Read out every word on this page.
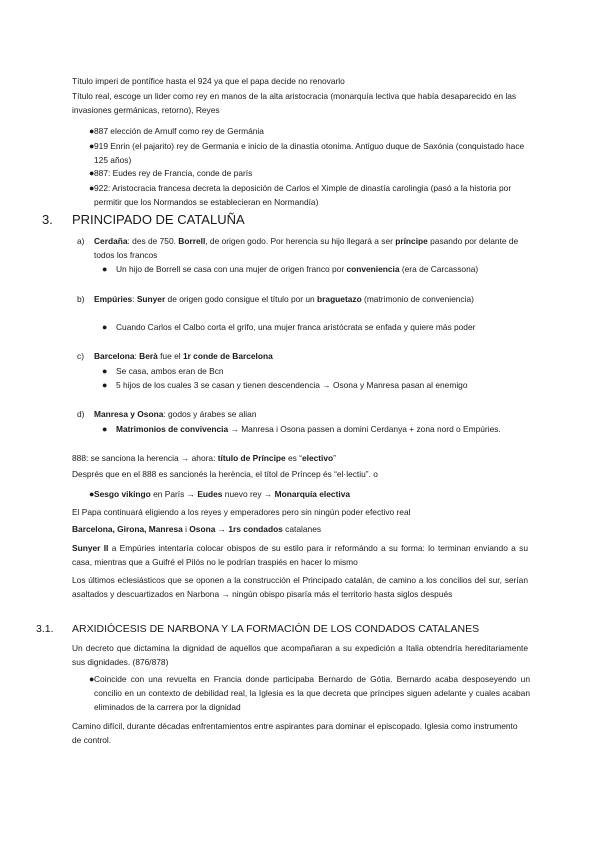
Título imperi de pontífice hasta el 924 ya que el papa decide no renovarlo

Título real, escoge un lider como rey en manos de la alta aristocracia (monarquía lectiva que había desaparecido en las invasiones germánicas, retorno), Reyes

● 887 elección de Arnulf como rey de Germánia
● 919 Enrin (el pajarito) rey de Germania e inicio de la dinastia otonima. Antiguo duque de Saxónia (conquistado hace 125 años)
● 887: Eudes rey de Francia, conde de parís
● 922: Aristocracia francesa decreta la deposición de Carlos el Ximple de dinastía carolingia (pasó a la historia por permitir que los Normandos se establecieran en Normandía)
3. PRINCIPADO DE CATALUÑA
a) Cerdaña: des de 750. Borrell, de origen godo. Por herencia su hijo llegará a ser príncipe pasando por delante de todos los francos
● Un hijo de Borrell se casa con una mujer de origen franco por conveniencia (era de Carcassona)
b) Empúries: Sunyer de origen godo consigue el título por un braguetazo (matrimonio de conveniencia)
● Cuando Carlos el Calbo corta el grifo, una mujer franca aristócrata se enfada y quiere más poder
c) Barcelona: Berà fue el 1r conde de Barcelona
● Se casa, ambos eran de Bcn
● 5 hijos de los cuales 3 se casan y tienen descendencia → Osona y Manresa pasan al enemigo
d) Manresa y Osona: godos y árabes se alian
● Matrimonios de convivencia → Manresa i Osona passen a domini Cerdanya + zona nord o Empúries.

888: se sanciona la herencia → ahora: título de Príncipe es “electivo”

Després que en el 888 es sancionés la herència, el títol de Príncep és “el·lectiu”. o

● Sesgo vikingo en París → Eudes nuevo rey → Monarquía electiva

El Papa continuará eligiendo a los reyes y emperadores pero sin ningún poder efectivo real

Barcelona, Girona, Manresa i Osona → 1rs condados catalanes

Sunyer II a Empúries intentaría colocar obispos de su estilo para ir reformándo a su forma: lo terminan enviando a su casa, mientras que a Guifré el Pilós no le podrían traspiés en hacer lo mismo

Los últimos eclesiásticos que se oponen a la construcción el Principado catalán, de camino a los concilios del sur, serían asaltados y descuartizados en Narbona → ningún obispo pisaría más el territorio hasta siglos después

3.1. ARXIDIÓCESIS DE NARBONA Y LA FORMACIÓN DE LOS CONDADOS CATALANES

Un decreto que dictamina la dignidad de aquellos que acompañaran a su expedición a Italia obtendría hereditariamente sus dignidades. (876/878)

● Coincide con una revuelta en Francia donde participaba Bernardo de Gótia. Bernardo acaba desposeyendo un concilio en un contexto de debilidad real, la Iglesia es la que decreta que príncipes siguen adelante y cuales acaban eliminados de la carrera por la dignidad

Camino difícil, durante décadas enfrentamientos entre aspirantes para dominar el episcopado. Iglesia como instrumento de control.
